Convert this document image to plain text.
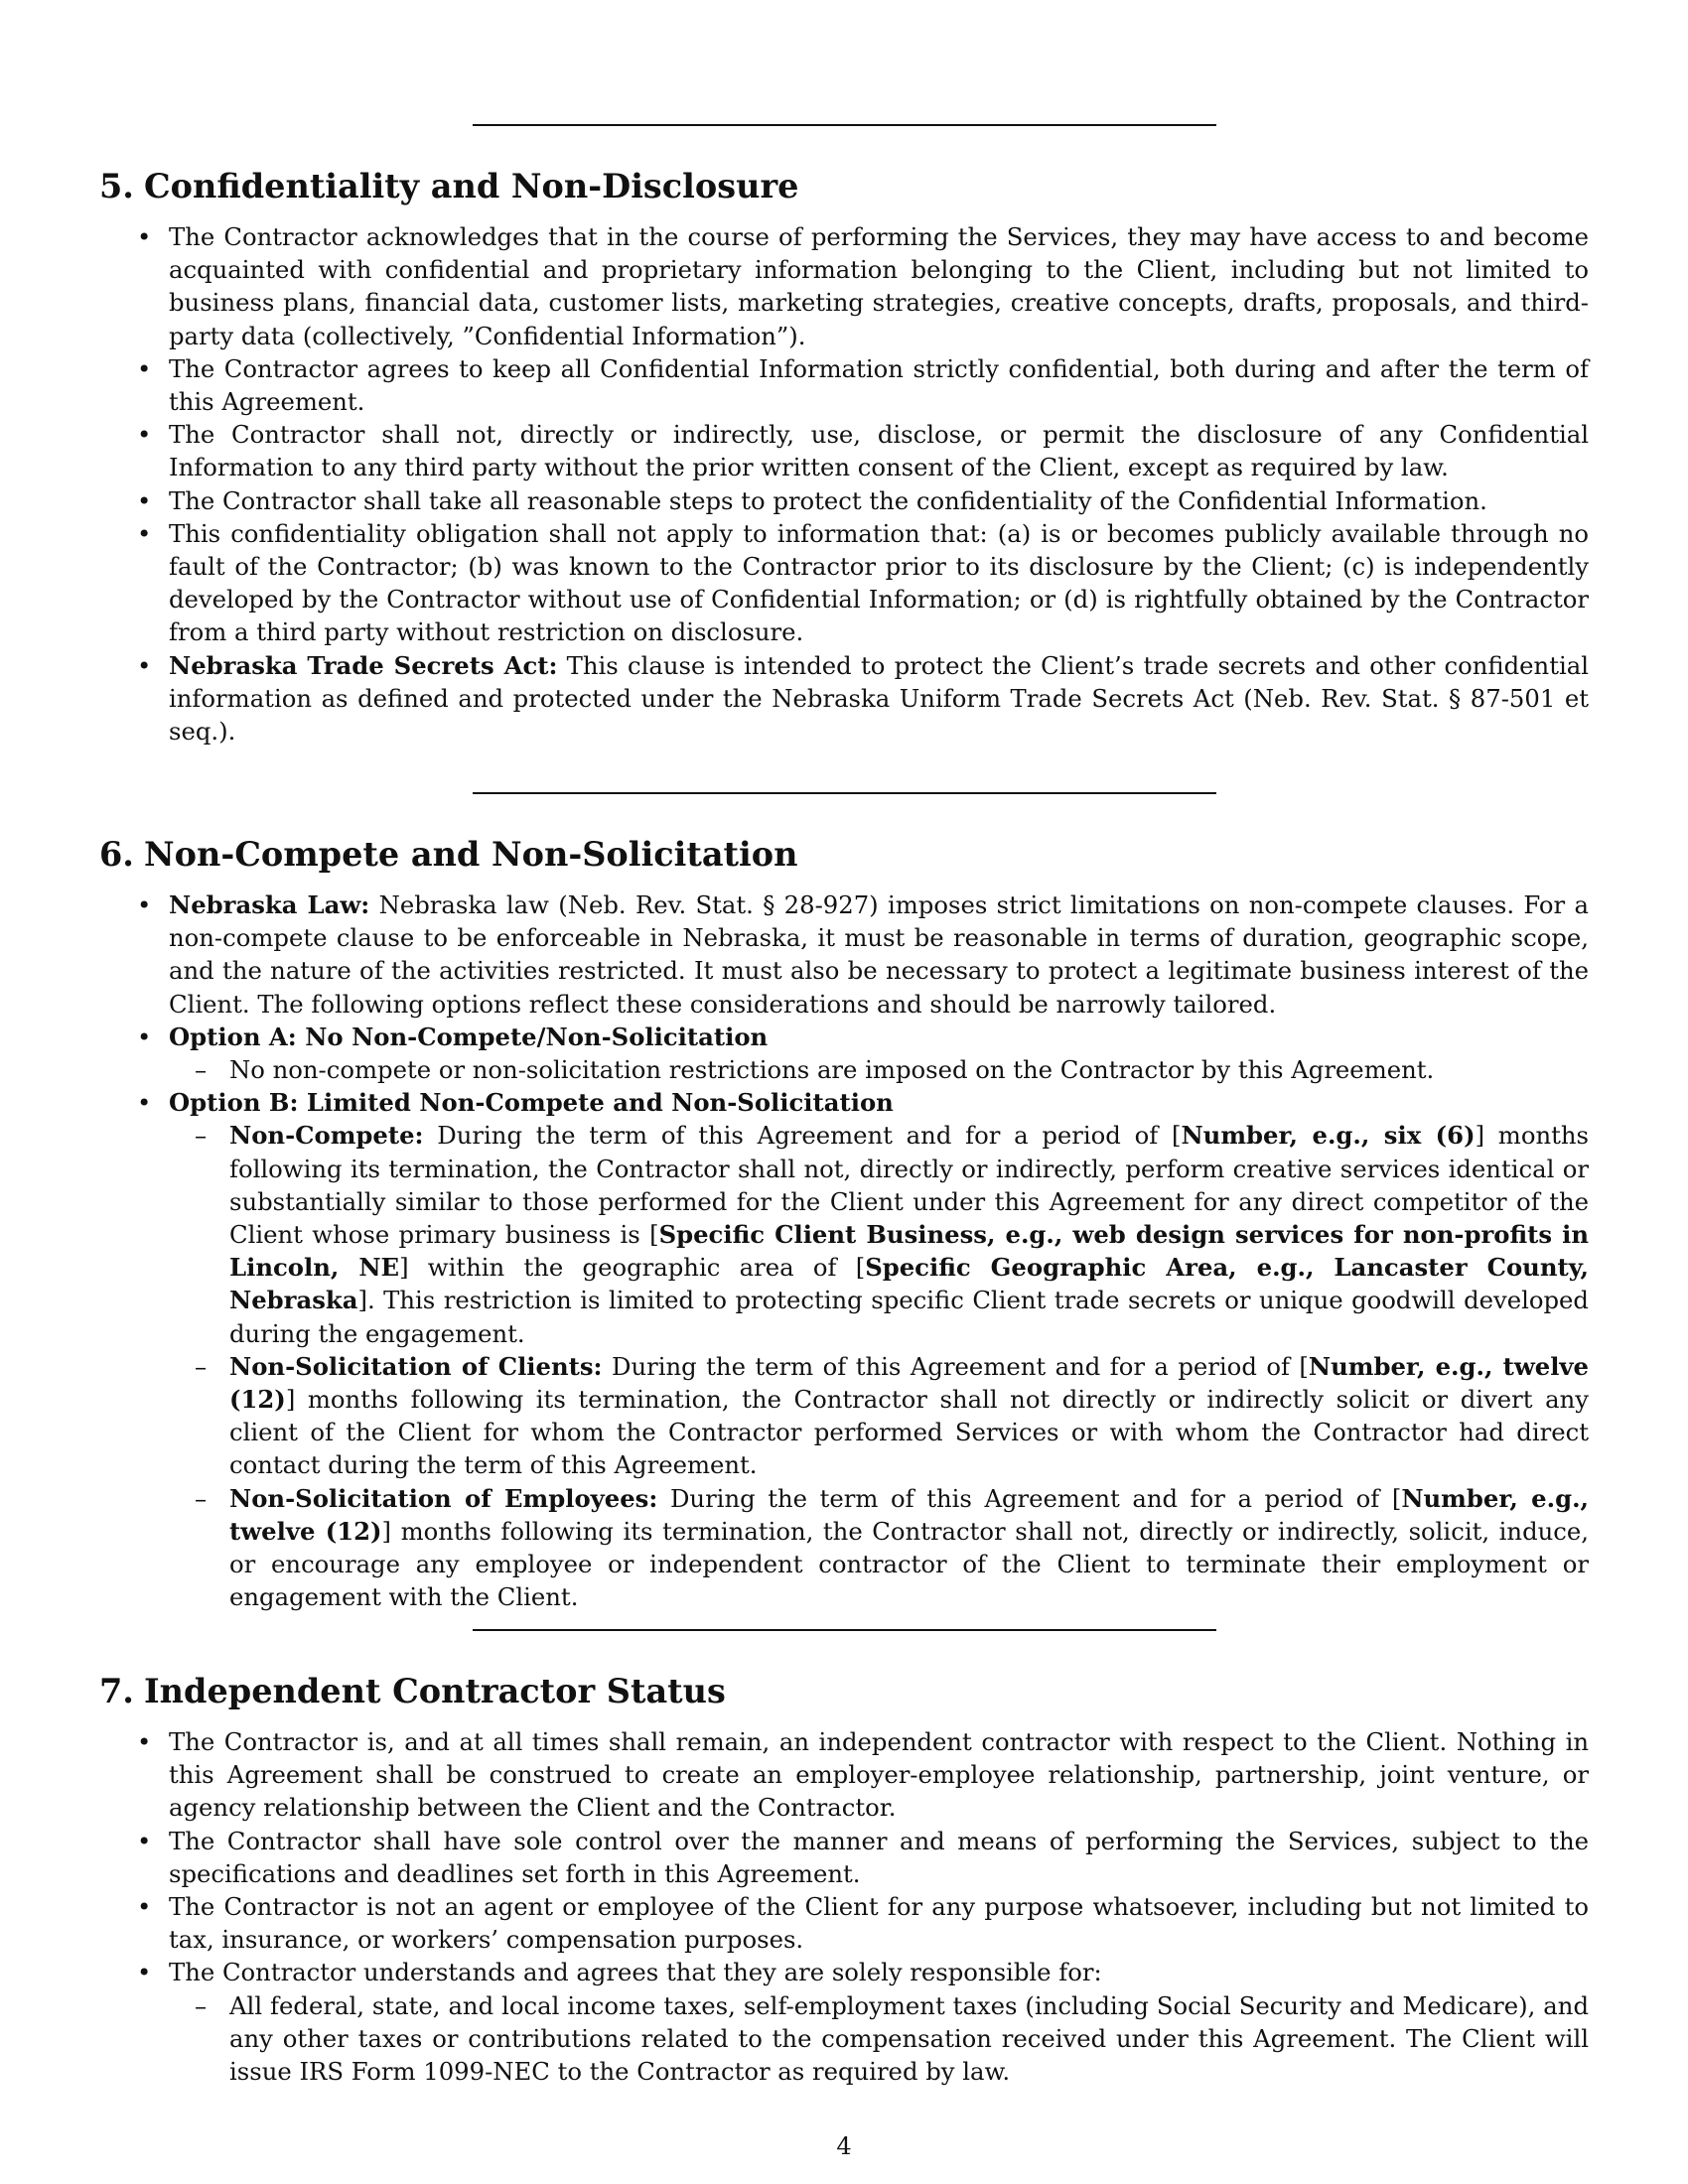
5. Confidentiality and Non-Disclosure
• The Contractor acknowledges that in the course of performing the Services, they may have access to and become acquainted with confidential and proprietary information belonging to the Client, including but not limited to business plans, financial data, customer lists, marketing strategies, creative concepts, drafts, proposals, and third-party data (collectively, ”Confidential Information”).
• The Contractor agrees to keep all Confidential Information strictly confidential, both during and after the term of this Agreement.
• The Contractor shall not, directly or indirectly, use, disclose, or permit the disclosure of any Confidential Information to any third party without the prior written consent of the Client, except as required by law.
• The Contractor shall take all reasonable steps to protect the confidentiality of the Confidential Information.
• This confidentiality obligation shall not apply to information that: (a) is or becomes publicly available through no fault of the Contractor; (b) was known to the Contractor prior to its disclosure by the Client; (c) is independently developed by the Contractor without use of Confidential Information; or (d) is rightfully obtained by the Contractor from a third party without restriction on disclosure.
• Nebraska Trade Secrets Act: This clause is intended to protect the Client’s trade secrets and other confidential information as defined and protected under the Nebraska Uniform Trade Secrets Act (Neb. Rev. Stat. § 87-501 et seq.).
6. Non-Compete and Non-Solicitation
• Nebraska Law: Nebraska law (Neb. Rev. Stat. § 28-927) imposes strict limitations on non-compete clauses. For a non-compete clause to be enforceable in Nebraska, it must be reasonable in terms of duration, geographic scope, and the nature of the activities restricted. It must also be necessary to protect a legitimate business interest of the Client. The following options reflect these considerations and should be narrowly tailored.
• Option A: No Non-Compete/Non-Solicitation
– No non-compete or non-solicitation restrictions are imposed on the Contractor by this Agreement.
• Option B: Limited Non-Compete and Non-Solicitation
– Non-Compete: During the term of this Agreement and for a period of [Number, e.g., six (6)] months following its termination, the Contractor shall not, directly or indirectly, perform creative services identical or substantially similar to those performed for the Client under this Agreement for any direct competitor of the Client whose primary business is [Specific Client Business, e.g., web design services for non-profits in Lincoln, NE] within the geographic area of [Specific Geographic Area, e.g., Lancaster County, Nebraska]. This restriction is limited to protecting specific Client trade secrets or unique goodwill developed during the engagement.
– Non-Solicitation of Clients: During the term of this Agreement and for a period of [Number, e.g., twelve (12)] months following its termination, the Contractor shall not directly or indirectly solicit or divert any client of the Client for whom the Contractor performed Services or with whom the Contractor had direct contact during the term of this Agreement.
– Non-Solicitation of Employees: During the term of this Agreement and for a period of [Number, e.g., twelve (12)] months following its termination, the Contractor shall not, directly or indirectly, solicit, induce, or encourage any employee or independent contractor of the Client to terminate their employment or engagement with the Client.
7. Independent Contractor Status
• The Contractor is, and at all times shall remain, an independent contractor with respect to the Client. Nothing in this Agreement shall be construed to create an employer-employee relationship, partnership, joint venture, or agency relationship between the Client and the Contractor.
• The Contractor shall have sole control over the manner and means of performing the Services, subject to the specifications and deadlines set forth in this Agreement.
• The Contractor is not an agent or employee of the Client for any purpose whatsoever, including but not limited to tax, insurance, or workers’ compensation purposes.
• The Contractor understands and agrees that they are solely responsible for:
– All federal, state, and local income taxes, self-employment taxes (including Social Security and Medicare), and any other taxes or contributions related to the compensation received under this Agreement. The Client will issue IRS Form 1099-NEC to the Contractor as required by law.
4
